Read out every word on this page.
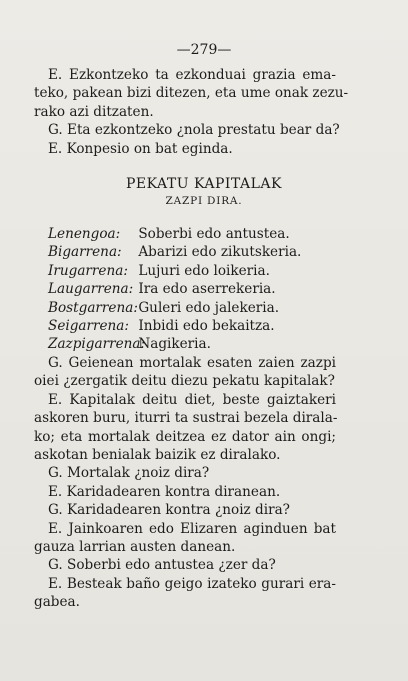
—279—
E. Ezkontzeko ta ezkonduai grazia ema-
teko, pakean bizi ditezen, eta ume onak zezu-
rako azi ditzaten.
G. Eta ezkontzeko ¿nola prestatu bear da?
E. Konpesio on bat eginda.
PEKATU KAPITALAK
ZAZPI DIRA.
Lenengoa: Soberbi edo antustea.
Bigarrena: Abarizi edo zikutskeria.
Irugarrena: Lujuri edo loikeria.
Laugarrena: Ira edo aserrekeria.
Bostgarrena: Guleri edo jalekeria.
Seigarrena: Inbidi edo bekaitza.
Zazpigarrena: Nagikeria.
G. Geienean mortalak esaten zaien zazpi
oiei ¿zergatik deitu diezu pekatu kapitalak?
E. Kapitalak deitu diet, beste gaiztakeri
askoren buru, iturri ta sustrai bezela dirala-
ko; eta mortalak deitzea ez dator ain ongi;
askotan benialak baizik ez diralako.
G. Mortalak ¿noiz dira?
E. Karidadearen kontra diranean.
G. Karidadearen kontra ¿noiz dira?
E. Jainkoaren edo Elizaren aginduen bat
gauza larrian austen danean.
G. Soberbi edo antustea ¿zer da?
E. Besteak baño geigo izateko gurari era-
gabea.
